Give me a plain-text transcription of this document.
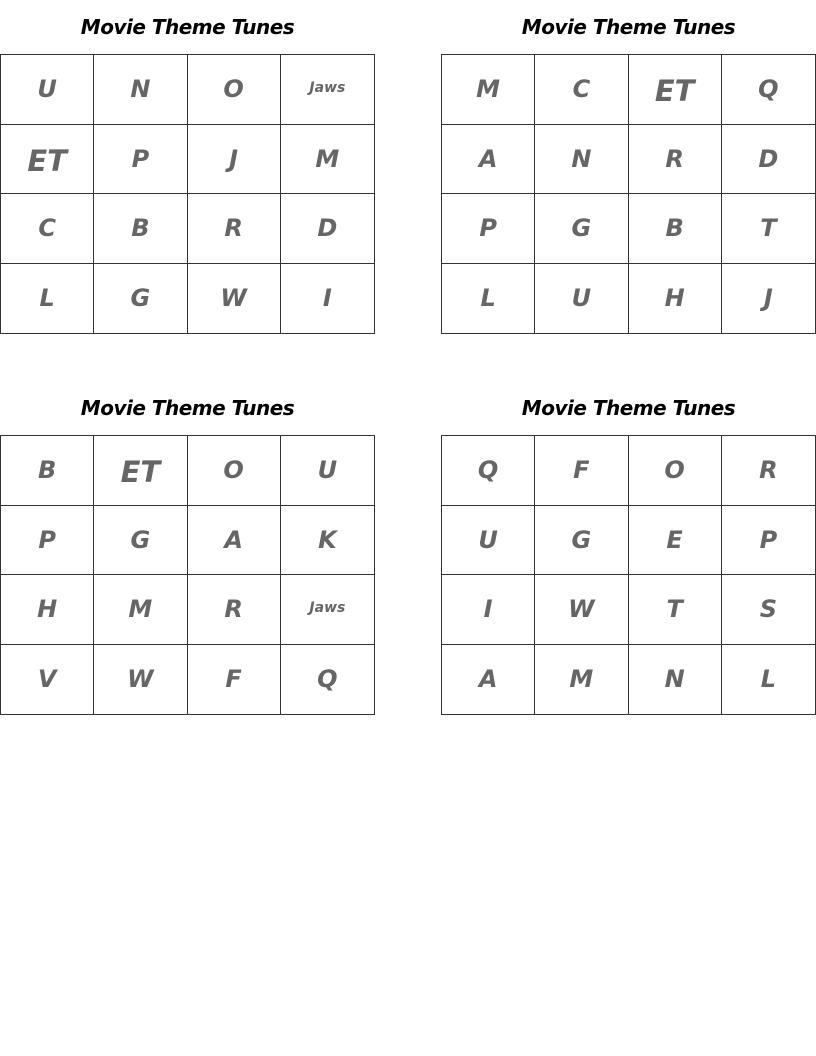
Movie Theme Tunes
U	N	O	Jaws
ET	P	J	M
C	B	R	D
L	G	W	I
Movie Theme Tunes
M	C	ET	Q
A	N	R	D
P	G	B	T
L	U	H	J
Movie Theme Tunes
B	ET	O	U
P	G	A	K
H	M	R	Jaws
V	W	F	Q
Movie Theme Tunes
Q	F	O	R
U	G	E	P
I	W	T	S
A	M	N	L
